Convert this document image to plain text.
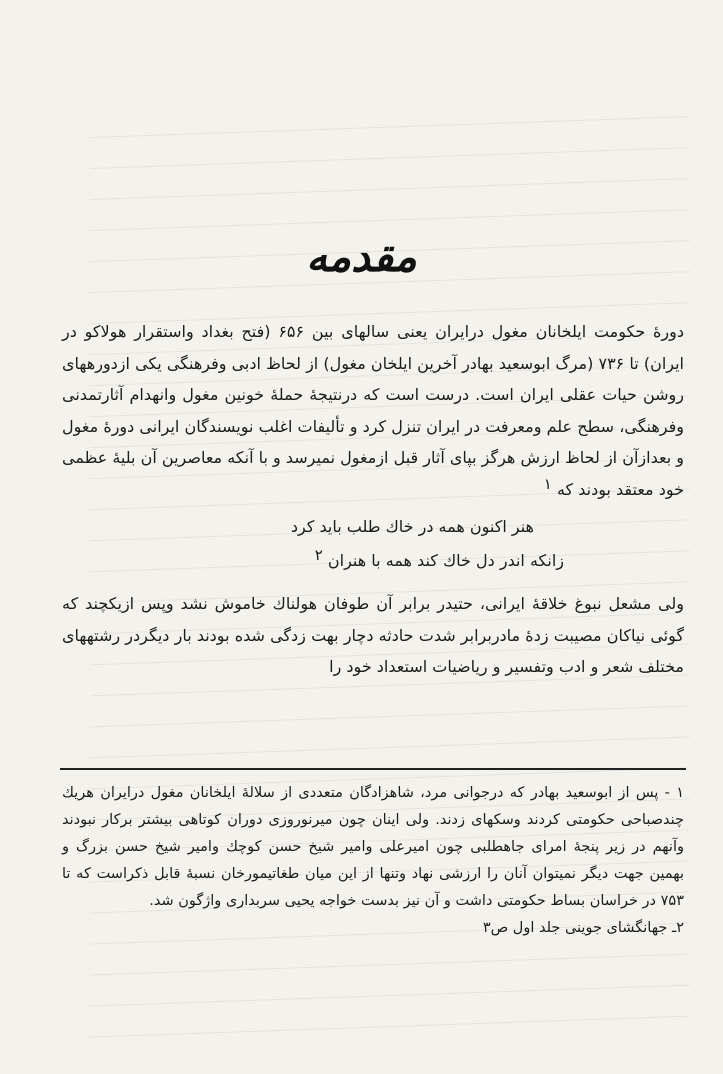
مقدمه

دورهٔ حکومت ایلخانان مغول درایران یعنی سالهای بین ۶۵۶ (فتح بغداد واستقرار هولاکو در ایران) تا ۷۳۶ (مرگ ابوسعید بهادر آخرین ایلخان مغول) از لحاظ ادبی وفرهنگی یکی ازدورههای روشن حیات عقلی ایران است. درست است که درنتیجهٔ حملهٔ خونین مغول وانهدام آثارتمدنی وفرهنگی، سطح علم ومعرفت در ایران تنزل کرد و تألیفات اغلب نویسندگان ایرانی دورهٔ مغول و بعدازآن از لحاظ ارزش هرگز بپای آثار قبل ازمغول نمیرسد و با آنکه معاصرین آن بلیهٔ عظمی خود معتقد بودند که ۱

هنر اکنون همه در خاك طلب باید کرد
زانکه اندر دل خاك کند همه با هنران ۲

ولی مشعل نبوغ خلاقهٔ ایرانی، حتیدر برابر آن طوفان هولناك خاموش نشد وپس ازیکچند که گوئی نیاکان مصیبت زدهٔ مادربرابر شدت حادثه دچار بهت زدگی شده بودند بار دیگردر رشتههای مختلف شعر و ادب وتفسیر و ریاضیات استعداد خود را

۱ - پس از ابوسعید بهادر که درجوانی مرد، شاهزادگان متعددی از سلالهٔ ایلخانان مغول درایران هریك چندصباحی حکومتی کردند وسکهای زدند. ولی اینان چون میرنوروزی دوران کوتاهی بیشتر برکار نبودند وآنهم در زیر پنجهٔ امرای جاهطلبی چون امیرعلی وامیر شیخ حسن کوچك وامیر شیخ حسن بزرگ و بهمین جهت دیگر نمیتوان آنان را ارزشی نهاد وتنها از این میان طغاتیمورخان نسبهٔ قابل ذکراست که تا ۷۵۳ در خراسان بساط حکومتی داشت و آن نیز بدست خواجه یحیی سربداری واژگون شد.

۲ـ جهانگشای جوینی جلد اول ص۳
